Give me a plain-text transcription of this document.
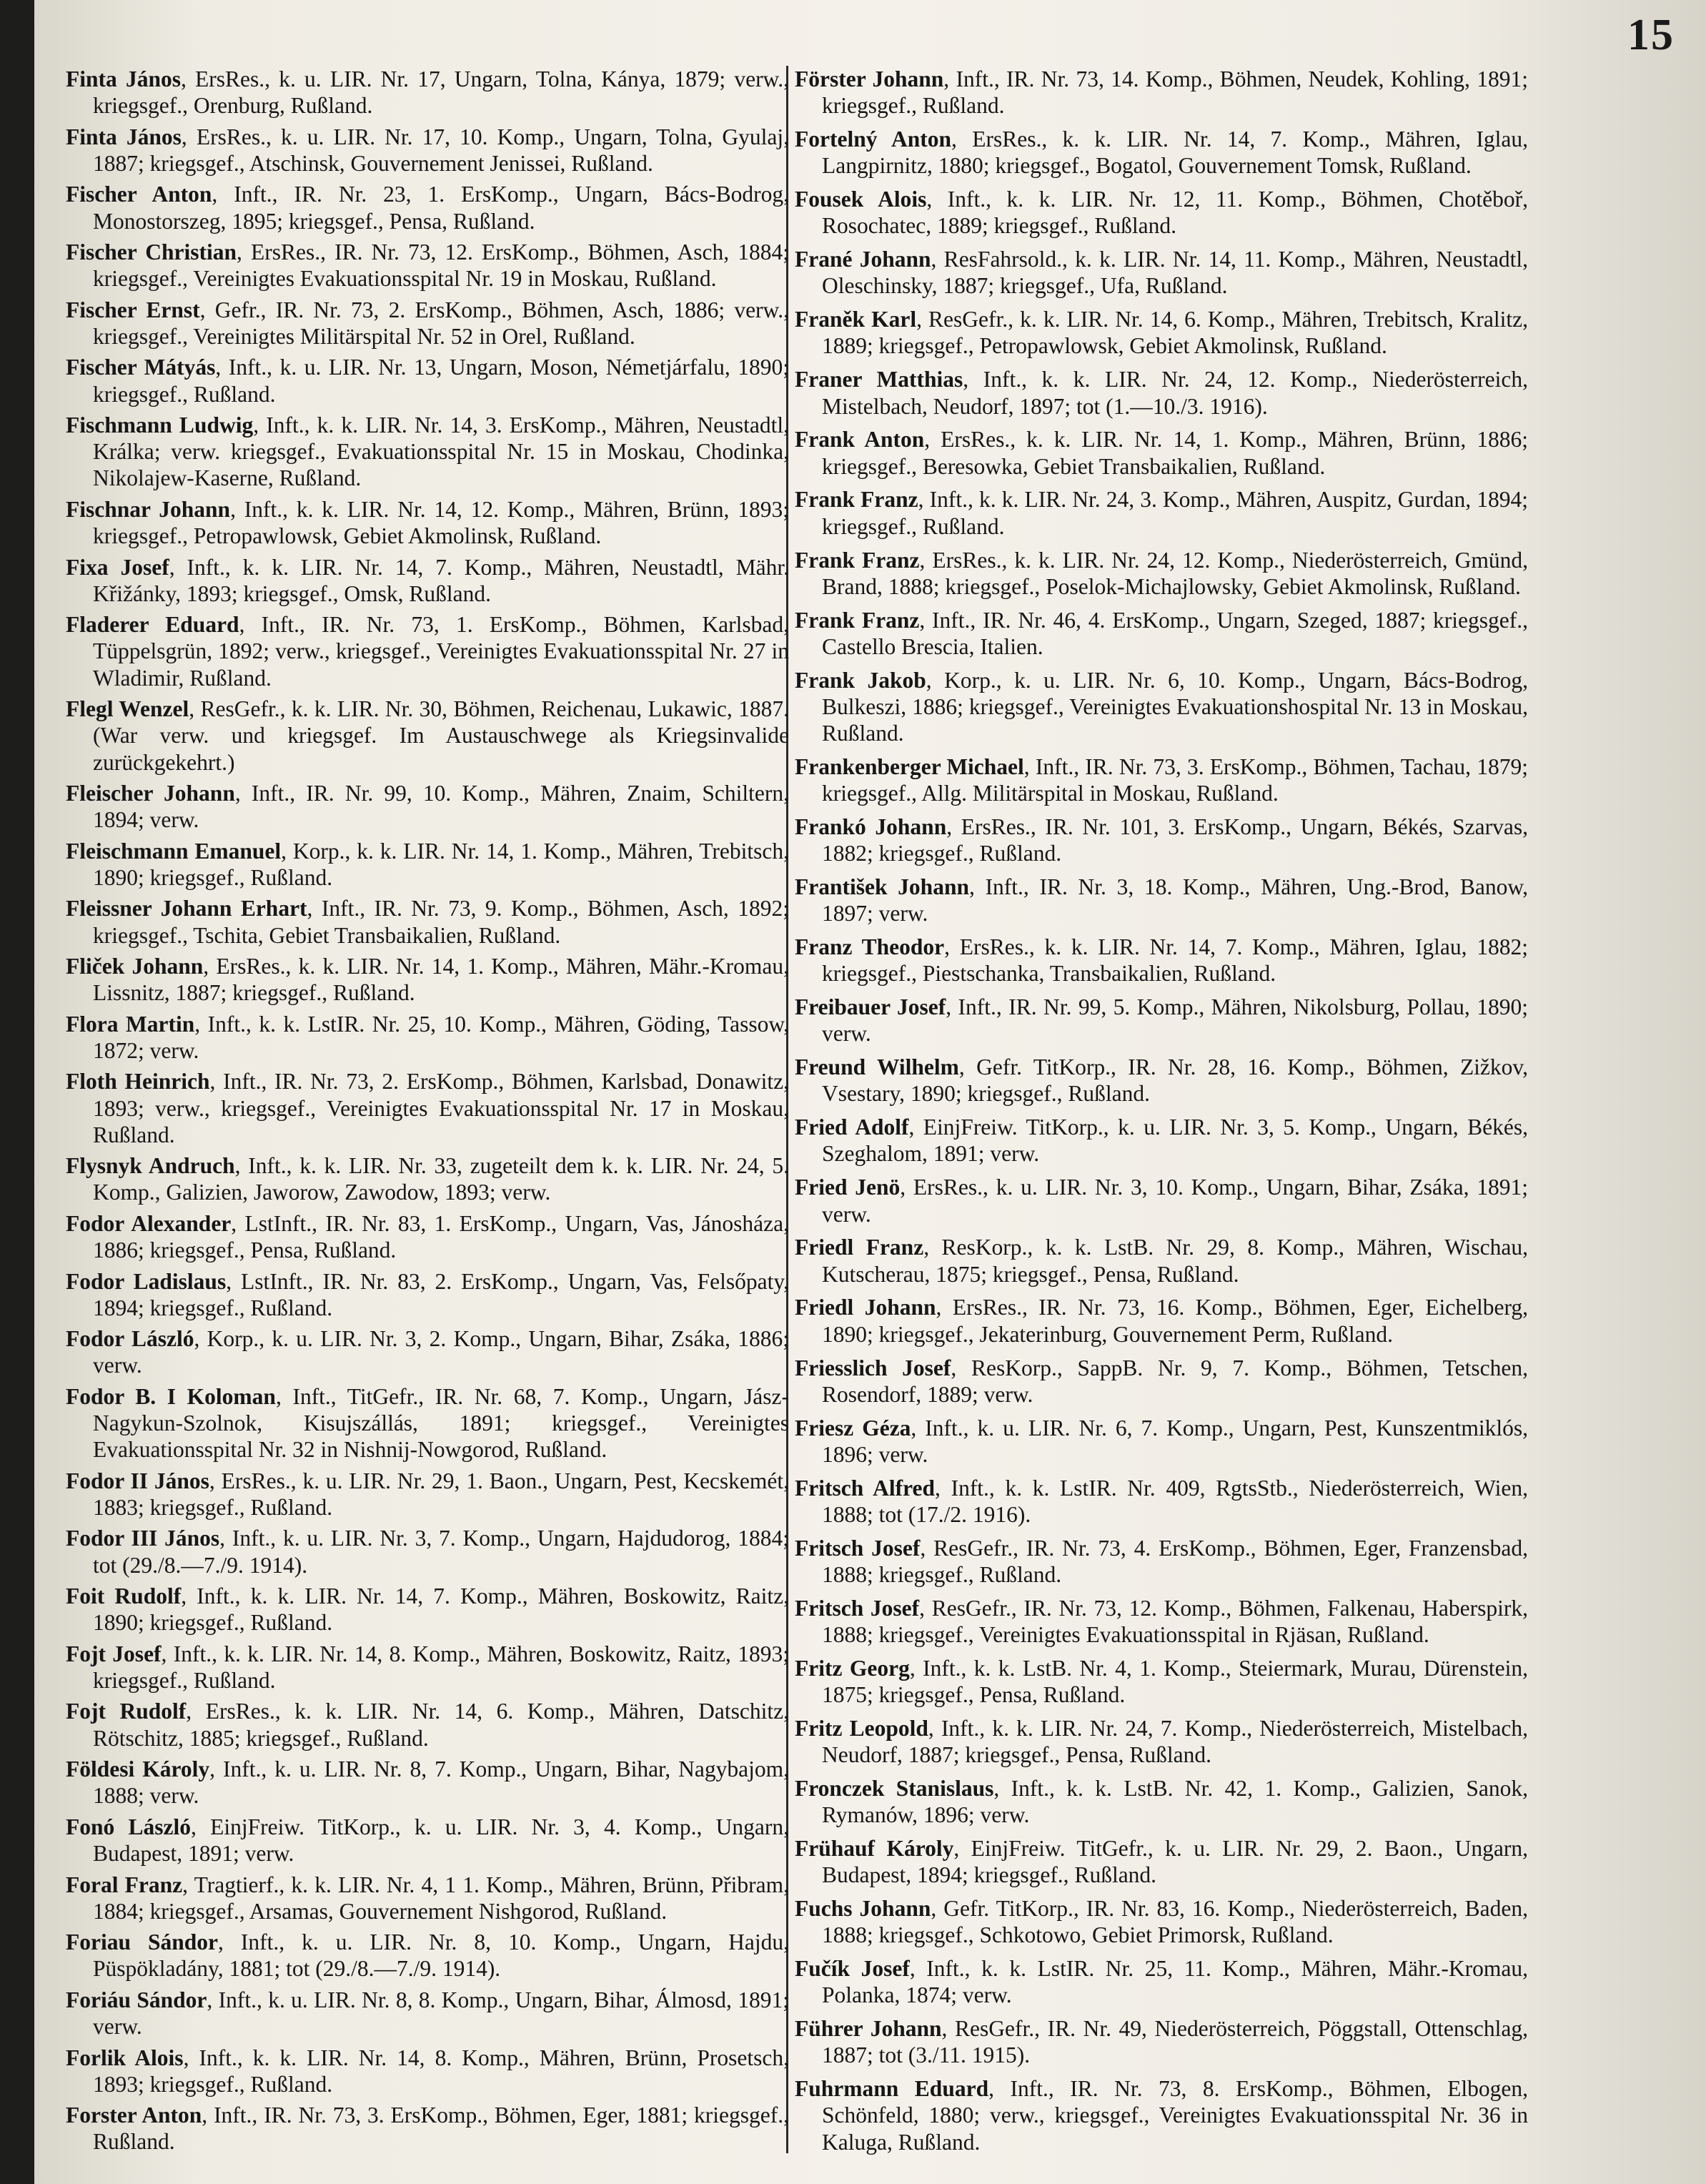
15

Finta János, ErsRes., k. u. LIR. Nr. 17, Ungarn, Tolna, Kánya, 1879; verw., kriegsgef., Orenburg, Rußland.

Finta János, ErsRes., k. u. LIR. Nr. 17, 10. Komp., Ungarn, Tolna, Gyulaj, 1887; kriegsgef., Atschinsk, Gouvernement Jenissei, Rußland.

Fischer Anton, Inft., IR. Nr. 23, 1. ErsKomp., Ungarn, Bács-Bodrog, Monostorszeg, 1895; kriegsgef., Pensa, Rußland.

Fischer Christian, ErsRes., IR. Nr. 73, 12. ErsKomp., Böhmen, Asch, 1884; kriegsgef., Vereinigtes Evakuationsspital Nr. 19 in Moskau, Rußland.

Fischer Ernst, Gefr., IR. Nr. 73, 2. ErsKomp., Böhmen, Asch, 1886; verw., kriegsgef., Vereinigtes Militärspital Nr. 52 in Orel, Rußland.

Fischer Mátyás, Inft., k. u. LIR. Nr. 13, Ungarn, Moson, Németjárfalu, 1890; kriegsgef., Rußland.

Fischmann Ludwig, Inft., k. k. LIR. Nr. 14, 3. ErsKomp., Mähren, Neustadtl, Králka; verw. kriegsgef., Evakuationsspital Nr. 15 in Moskau, Chodinka, Nikolajew-Kaserne, Rußland.

Fischnar Johann, Inft., k. k. LIR. Nr. 14, 12. Komp., Mähren, Brünn, 1893; kriegsgef., Petropawlowsk, Gebiet Akmolinsk, Rußland.

Fixa Josef, Inft., k. k. LIR. Nr. 14, 7. Komp., Mähren, Neustadtl, Mähr. Křižánky, 1893; kriegsgef., Omsk, Rußland.

Fladerer Eduard, Inft., IR. Nr. 73, 1. ErsKomp., Böhmen, Karlsbad, Tüppelsgrün, 1892; verw., kriegsgef., Vereinigtes Evakuationsspital Nr. 27 in Wladimir, Rußland.

Flegl Wenzel, ResGefr., k. k. LIR. Nr. 30, Böhmen, Reichenau, Lukawic, 1887. (War verw. und kriegsgef. Im Austauschwege als Kriegsinvalide zurückgekehrt.)

Fleischer Johann, Inft., IR. Nr. 99, 10. Komp., Mähren, Znaim, Schiltern, 1894; verw.

Fleischmann Emanuel, Korp., k. k. LIR. Nr. 14, 1. Komp., Mähren, Trebitsch, 1890; kriegsgef., Rußland.

Fleissner Johann Erhart, Inft., IR. Nr. 73, 9. Komp., Böhmen, Asch, 1892; kriegsgef., Tschita, Gebiet Transbaikalien, Rußland.

Fliček Johann, ErsRes., k. k. LIR. Nr. 14, 1. Komp., Mähren, Mähr.-Kromau, Lissnitz, 1887; kriegsgef., Rußland.

Flora Martin, Inft., k. k. LstIR. Nr. 25, 10. Komp., Mähren, Göding, Tassow, 1872; verw.

Floth Heinrich, Inft., IR. Nr. 73, 2. ErsKomp., Böhmen, Karlsbad, Donawitz, 1893; verw., kriegsgef., Vereinigtes Evakuationsspital Nr. 17 in Moskau, Rußland.

Flysnyk Andruch, Inft., k. k. LIR. Nr. 33, zugeteilt dem k. k. LIR. Nr. 24, 5. Komp., Galizien, Jaworow, Zawodow, 1893; verw.

Fodor Alexander, LstInft., IR. Nr. 83, 1. ErsKomp., Ungarn, Vas, Jánosháza, 1886; kriegsgef., Pensa, Rußland.

Fodor Ladislaus, LstInft., IR. Nr. 83, 2. ErsKomp., Ungarn, Vas, Felsőpaty, 1894; kriegsgef., Rußland.

Fodor László, Korp., k. u. LIR. Nr. 3, 2. Komp., Ungarn, Bihar, Zsáka, 1886; verw.

Fodor B. I Koloman, Inft., TitGefr., IR. Nr. 68, 7. Komp., Ungarn, Jász-Nagykun-Szolnok, Kisujszállás, 1891; kriegsgef., Vereinigtes Evakuationsspital Nr. 32 in Nishnij-Nowgorod, Rußland.

Fodor II János, ErsRes., k. u. LIR. Nr. 29, 1. Baon., Ungarn, Pest, Kecskemét, 1883; kriegsgef., Rußland.

Fodor III János, Inft., k. u. LIR. Nr. 3, 7. Komp., Ungarn, Hajdudorog, 1884; tot (29./8.—7./9. 1914).

Foit Rudolf, Inft., k. k. LIR. Nr. 14, 7. Komp., Mähren, Boskowitz, Raitz, 1890; kriegsgef., Rußland.

Fojt Josef, Inft., k. k. LIR. Nr. 14, 8. Komp., Mähren, Boskowitz, Raitz, 1893; kriegsgef., Rußland.

Fojt Rudolf, ErsRes., k. k. LIR. Nr. 14, 6. Komp., Mähren, Datschitz, Rötschitz, 1885; kriegsgef., Rußland.

Földesi Károly, Inft., k. u. LIR. Nr. 8, 7. Komp., Ungarn, Bihar, Nagybajom, 1888; verw.

Fonó László, EinjFreiw. TitKorp., k. u. LIR. Nr. 3, 4. Komp., Ungarn, Budapest, 1891; verw.

Foral Franz, Tragtierf., k. k. LIR. Nr. 4, 1 1. Komp., Mähren, Brünn, Přibram, 1884; kriegsgef., Arsamas, Gouvernement Nishgorod, Rußland.

Foriau Sándor, Inft., k. u. LIR. Nr. 8, 10. Komp., Ungarn, Hajdu, Püspökladány, 1881; tot (29./8.—7./9. 1914).

Foriáu Sándor, Inft., k. u. LIR. Nr. 8, 8. Komp., Ungarn, Bihar, Álmosd, 1891; verw.

Forlik Alois, Inft., k. k. LIR. Nr. 14, 8. Komp., Mähren, Brünn, Prosetsch, 1893; kriegsgef., Rußland.

Forster Anton, Inft., IR. Nr. 73, 3. ErsKomp., Böhmen, Eger, 1881; kriegsgef., Rußland.

Förster Johann, Inft., IR. Nr. 73, 14. Komp., Böhmen, Neudek, Kohling, 1891; kriegsgef., Rußland.

Fortelný Anton, ErsRes., k. k. LIR. Nr. 14, 7. Komp., Mähren, Iglau, Langpirnitz, 1880; kriegsgef., Bogatol, Gouvernement Tomsk, Rußland.

Fousek Alois, Inft., k. k. LIR. Nr. 12, 11. Komp., Böhmen, Chotěboř, Rosochatec, 1889; kriegsgef., Rußland.

Frané Johann, ResFahrsold., k. k. LIR. Nr. 14, 11. Komp., Mähren, Neustadtl, Oleschinsky, 1887; kriegsgef., Ufa, Rußland.

Franěk Karl, ResGefr., k. k. LIR. Nr. 14, 6. Komp., Mähren, Trebitsch, Kralitz, 1889; kriegsgef., Petropawlowsk, Gebiet Akmolinsk, Rußland.

Franer Matthias, Inft., k. k. LIR. Nr. 24, 12. Komp., Niederösterreich, Mistelbach, Neudorf, 1897; tot (1.—10./3. 1916).

Frank Anton, ErsRes., k. k. LIR. Nr. 14, 1. Komp., Mähren, Brünn, 1886; kriegsgef., Beresowka, Gebiet Transbaikalien, Rußland.

Frank Franz, Inft., k. k. LIR. Nr. 24, 3. Komp., Mähren, Auspitz, Gurdan, 1894; kriegsgef., Rußland.

Frank Franz, ErsRes., k. k. LIR. Nr. 24, 12. Komp., Niederösterreich, Gmünd, Brand, 1888; kriegsgef., Poselok-Michajlowsky, Gebiet Akmolinsk, Rußland.

Frank Franz, Inft., IR. Nr. 46, 4. ErsKomp., Ungarn, Szeged, 1887; kriegsgef., Castello Brescia, Italien.

Frank Jakob, Korp., k. u. LIR. Nr. 6, 10. Komp., Ungarn, Bács-Bodrog, Bulkeszi, 1886; kriegsgef., Vereinigtes Evakuationshospital Nr. 13 in Moskau, Rußland.

Frankenberger Michael, Inft., IR. Nr. 73, 3. ErsKomp., Böhmen, Tachau, 1879; kriegsgef., Allg. Militärspital in Moskau, Rußland.

Frankó Johann, ErsRes., IR. Nr. 101, 3. ErsKomp., Ungarn, Békés, Szarvas, 1882; kriegsgef., Rußland.

František Johann, Inft., IR. Nr. 3, 18. Komp., Mähren, Ung.-Brod, Banow, 1897; verw.

Franz Theodor, ErsRes., k. k. LIR. Nr. 14, 7. Komp., Mähren, Iglau, 1882; kriegsgef., Piestschanka, Transbaikalien, Rußland.

Freibauer Josef, Inft., IR. Nr. 99, 5. Komp., Mähren, Nikolsburg, Pollau, 1890; verw.

Freund Wilhelm, Gefr. TitKorp., IR. Nr. 28, 16. Komp., Böhmen, Zižkov, Vsestary, 1890; kriegsgef., Rußland.

Fried Adolf, EinjFreiw. TitKorp., k. u. LIR. Nr. 3, 5. Komp., Ungarn, Békés, Szeghalom, 1891; verw.

Fried Jenö, ErsRes., k. u. LIR. Nr. 3, 10. Komp., Ungarn, Bihar, Zsáka, 1891; verw.

Friedl Franz, ResKorp., k. k. LstB. Nr. 29, 8. Komp., Mähren, Wischau, Kutscherau, 1875; kriegsgef., Pensa, Rußland.

Friedl Johann, ErsRes., IR. Nr. 73, 16. Komp., Böhmen, Eger, Eichelberg, 1890; kriegsgef., Jekaterinburg, Gouvernement Perm, Rußland.

Friesslich Josef, ResKorp., SappB. Nr. 9, 7. Komp., Böhmen, Tetschen, Rosendorf, 1889; verw.

Friesz Géza, Inft., k. u. LIR. Nr. 6, 7. Komp., Ungarn, Pest, Kunszentmiklós, 1896; verw.

Fritsch Alfred, Inft., k. k. LstIR. Nr. 409, RgtsStb., Niederösterreich, Wien, 1888; tot (17./2. 1916).

Fritsch Josef, ResGefr., IR. Nr. 73, 4. ErsKomp., Böhmen, Eger, Franzensbad, 1888; kriegsgef., Rußland.

Fritsch Josef, ResGefr., IR. Nr. 73, 12. Komp., Böhmen, Falkenau, Haberspirk, 1888; kriegsgef., Vereinigtes Evakuationsspital in Rjäsan, Rußland.

Fritz Georg, Inft., k. k. LstB. Nr. 4, 1. Komp., Steiermark, Murau, Dürenstein, 1875; kriegsgef., Pensa, Rußland.

Fritz Leopold, Inft., k. k. LIR. Nr. 24, 7. Komp., Niederösterreich, Mistelbach, Neudorf, 1887; kriegsgef., Pensa, Rußland.

Fronczek Stanislaus, Inft., k. k. LstB. Nr. 42, 1. Komp., Galizien, Sanok, Rymanów, 1896; verw.

Frühauf Károly, EinjFreiw. TitGefr., k. u. LIR. Nr. 29, 2. Baon., Ungarn, Budapest, 1894; kriegsgef., Rußland.

Fuchs Johann, Gefr. TitKorp., IR. Nr. 83, 16. Komp., Niederösterreich, Baden, 1888; kriegsgef., Schkotowo, Gebiet Primorsk, Rußland.

Fučík Josef, Inft., k. k. LstIR. Nr. 25, 11. Komp., Mähren, Mähr.-Kromau, Polanka, 1874; verw.

Führer Johann, ResGefr., IR. Nr. 49, Niederösterreich, Pöggstall, Ottenschlag, 1887; tot (3./11. 1915).

Fuhrmann Eduard, Inft., IR. Nr. 73, 8. ErsKomp., Böhmen, Elbogen, Schönfeld, 1880; verw., kriegsgef., Vereinigtes Evakuationsspital Nr. 36 in Kaluga, Rußland.
